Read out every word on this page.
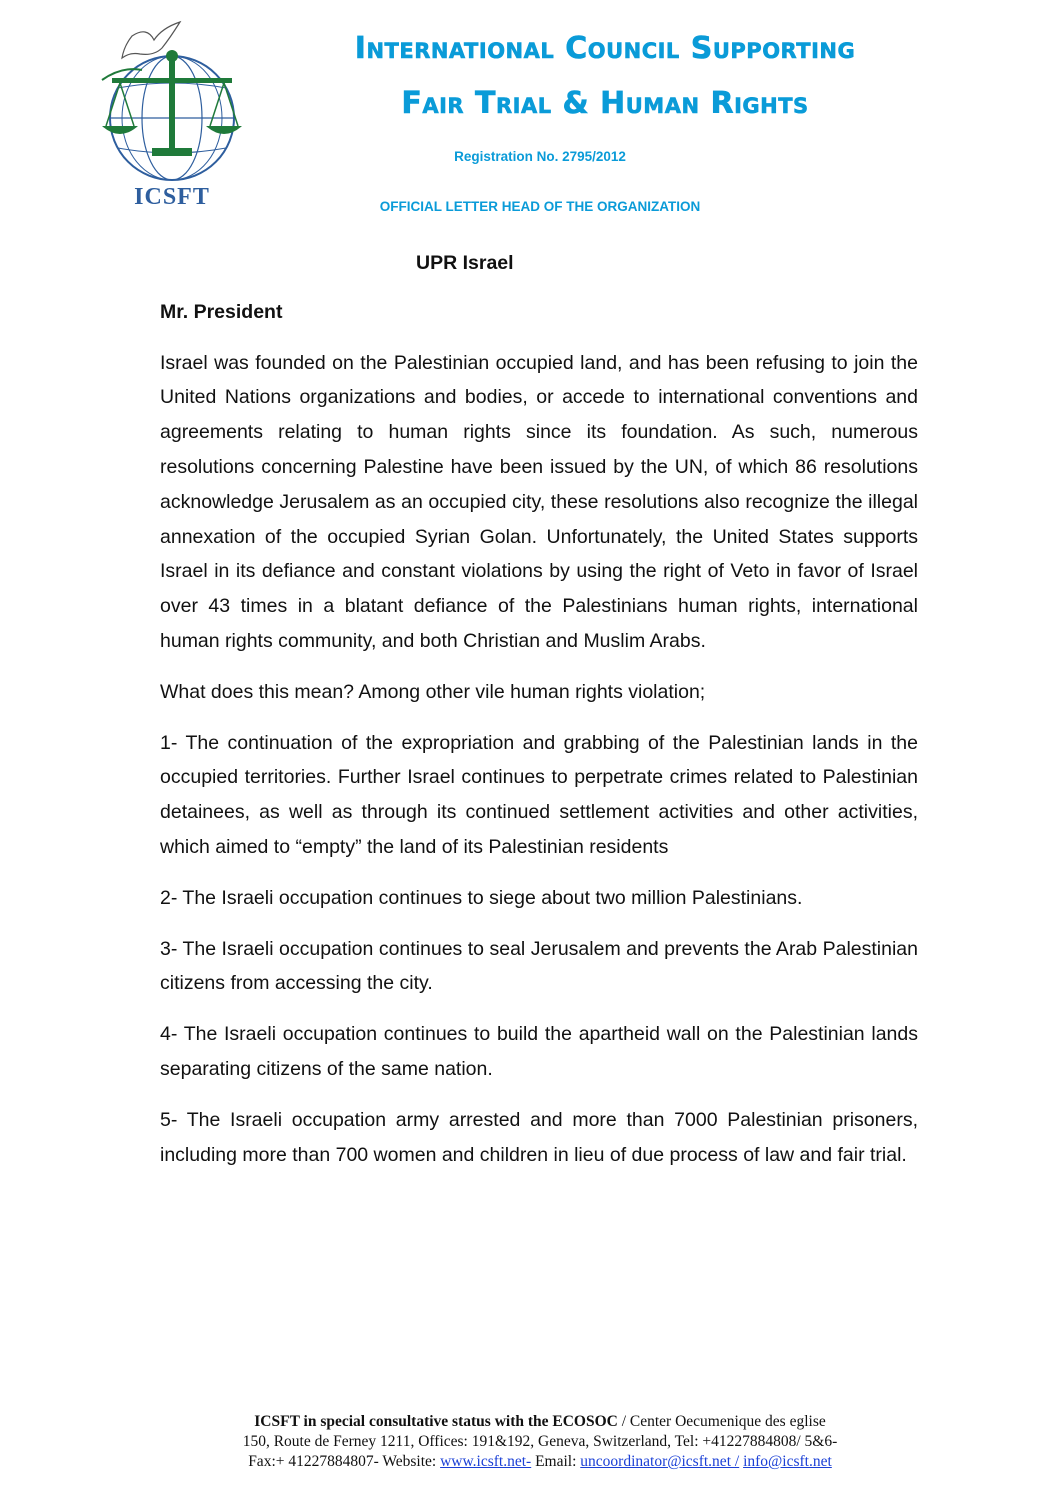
ICSFT
International Council Supporting
Fair Trial & Human Rights
Registration No. 2795/2012
OFFICIAL LETTER HEAD OF THE ORGANIZATION

UPR Israel

Mr. President

Israel was founded on the Palestinian occupied land, and has been refusing to join the United Nations organizations and bodies, or accede to international conventions and agreements relating to human rights since its foundation. As such, numerous resolutions concerning Palestine have been issued by the UN, of which 86 resolutions acknowledge Jerusalem as an occupied city, these resolutions also recognize the illegal annexation of the occupied Syrian Golan. Unfortunately, the United States supports Israel in its defiance and constant violations by using the right of Veto in favor of Israel over 43 times in a blatant defiance of the Palestinians human rights, international human rights community, and both Christian and Muslim Arabs.

What does this mean? Among other vile human rights violation;

1- The continuation of the expropriation and grabbing of the Palestinian lands in the occupied territories. Further Israel continues to perpetrate crimes related to Palestinian detainees, as well as through its continued settlement activities and other activities, which aimed to “empty” the land of its Palestinian residents

2- The Israeli occupation continues to siege about two million Palestinians.

3- The Israeli occupation continues to seal Jerusalem and prevents the Arab Palestinian citizens from accessing the city.

4- The Israeli occupation continues to build the apartheid wall on the Palestinian lands separating citizens of the same nation.

5- The Israeli occupation army arrested and more than 7000 Palestinian prisoners, including more than 700 women and children in lieu of due process of law and fair trial.

ICSFT in special consultative status with the ECOSOC / Center Oecumenique des eglise
150, Route de Ferney 1211, Offices: 191&192, Geneva, Switzerland, Tel: +41227884808/ 5&6-
Fax:+ 41227884807- Website: www.icsft.net- Email: uncoordinator@icsft.net / info@icsft.net
